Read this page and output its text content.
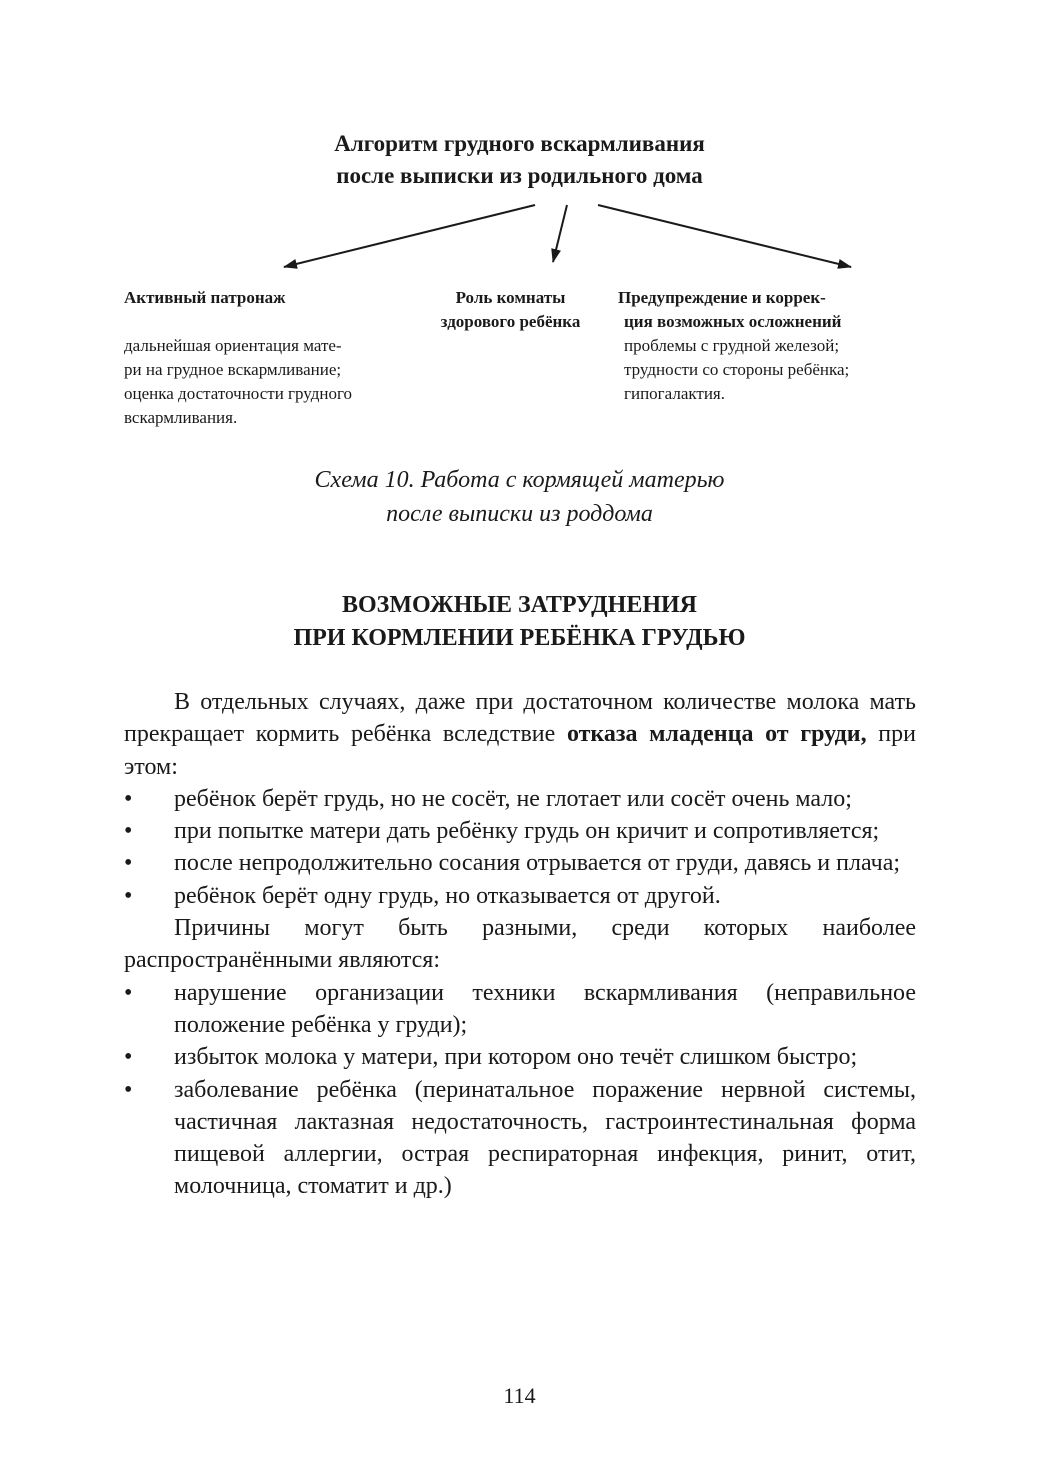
Алгоритм грудного вскармливания
после выписки из родильного дома
Активный патронаж
дальнейшая ориентация мате-
ри на грудное вскармливание;
оценка достаточности грудного
вскармливания.
Роль комнаты
здорового ребёнка
Предупреждение и коррек-
ция возможных осложнений
проблемы с грудной железой;
трудности со стороны ребёнка;
гипогалактия.
Схема 10. Работа с кормящей матерью
после выписки из роддома
ВОЗМОЖНЫЕ ЗАТРУДНЕНИЯ
ПРИ КОРМЛЕНИИ РЕБЁНКА ГРУДЬЮ

В отдельных случаях, даже при достаточном количестве молока мать прекращает кормить ребёнка вследствие отказа младенца от груди, при этом:

• ребёнок берёт грудь, но не сосёт, не глотает или сосёт очень мало;
• при попытке матери дать ребёнку грудь он кричит и сопротивляется;
• после непродолжительно сосания отрывается от груди, давясь и плача;
• ребёнок берёт одну грудь, но отказывается от другой.

Причины могут быть разными, среди которых наиболее распространёнными являются:

• нарушение организации техники вскармливания (неправильное положение ребёнка у груди);
• избыток молока у матери, при котором оно течёт слишком быстро;
• заболевание ребёнка (перинатальное поражение нервной системы, частичная лактазная недостаточность, гастроинтестинальная форма пищевой аллергии, острая респираторная инфекция, ринит, отит, молочница, стоматит и др.)
114
